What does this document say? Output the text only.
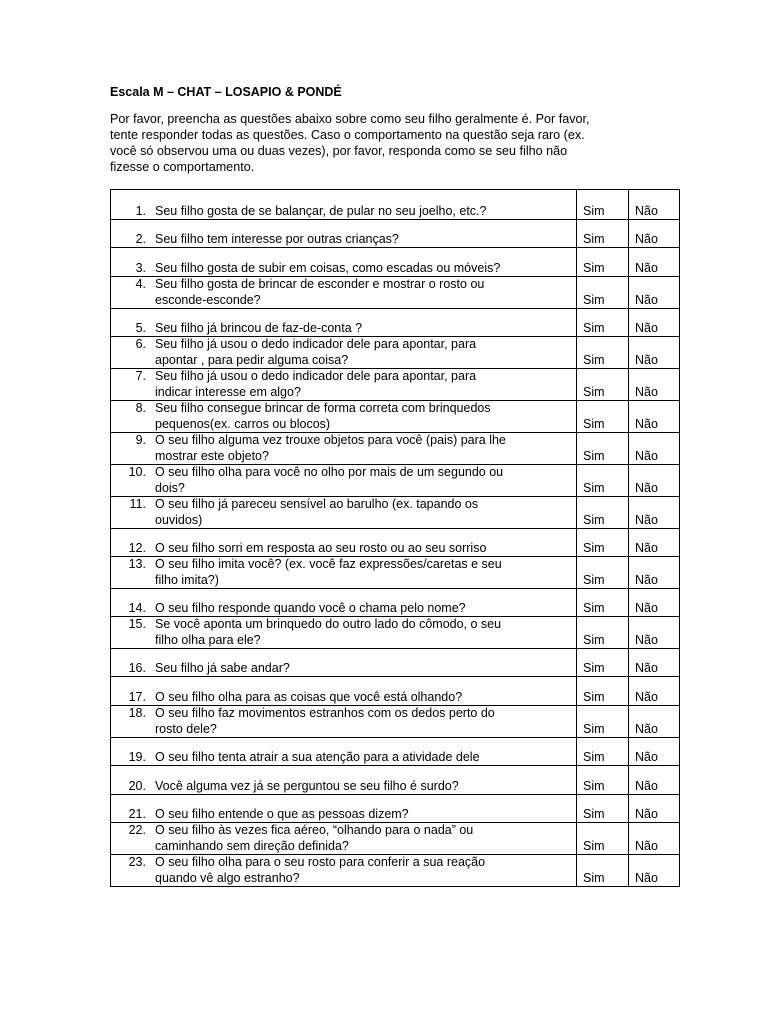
Escala M – CHAT – LOSAPIO & PONDÉ
Por favor, preencha as questões abaixo sobre como seu filho geralmente é. Por favor,
tente responder todas as questões. Caso o comportamento na questão seja raro (ex.
você só observou uma ou duas vezes), por favor, responda como se seu filho não
fizesse o comportamento.
1. Seu filho gosta de se balançar, de pular no seu joelho, etc.?	Sim	Não

2. Seu filho tem interesse por outras crianças?	Sim	Não

3. Seu filho gosta de subir em coisas, como escadas ou móveis?	Sim	Não

4. Seu filho gosta de brincar de esconder e mostrar o rosto ou
esconde-esconde?	Sim	Não

5. Seu filho já brincou de faz-de-conta ?	Sim	Não

6. Seu filho já usou o dedo indicador dele para apontar, para
apontar , para pedir alguma coisa?	Sim	Não

7. Seu filho já usou o dedo indicador dele para apontar, para
indicar interesse em algo?	Sim	Não

8. Seu filho consegue brincar de forma correta com brinquedos
pequenos(ex. carros ou blocos)	Sim	Não

9. O seu filho alguma vez trouxe objetos para você (pais) para lhe
mostrar este objeto?	Sim	Não

10. O seu filho olha para você no olho por mais de um segundo ou
dois?	Sim	Não

11. O seu filho já pareceu sensível ao barulho (ex. tapando os
ouvidos)	Sim	Não

12. O seu filho sorri em resposta ao seu rosto ou ao seu sorriso	Sim	Não

13. O seu filho imita você? (ex. você faz expressões/caretas e seu
filho imita?)	Sim	Não

14. O seu filho responde quando você o chama pelo nome?	Sim	Não

15. Se você aponta um brinquedo do outro lado do cômodo, o seu
filho olha para ele?	Sim	Não

16. Seu filho já sabe andar?	Sim	Não

17. O seu filho olha para as coisas que você está olhando?	Sim	Não

18. O seu filho faz movimentos estranhos com os dedos perto do
rosto dele?	Sim	Não

19. O seu filho tenta atrair a sua atenção para a atividade dele	Sim	Não

20. Você alguma vez já se perguntou se seu filho é surdo?	Sim	Não

21. O seu filho entende o que as pessoas dizem?	Sim	Não

22. O seu filho às vezes fica aéreo, “olhando para o nada” ou
caminhando sem direção definida?	Sim	Não

23. O seu filho olha para o seu rosto para conferir a sua reação
quando vê algo estranho?	Sim	Não
